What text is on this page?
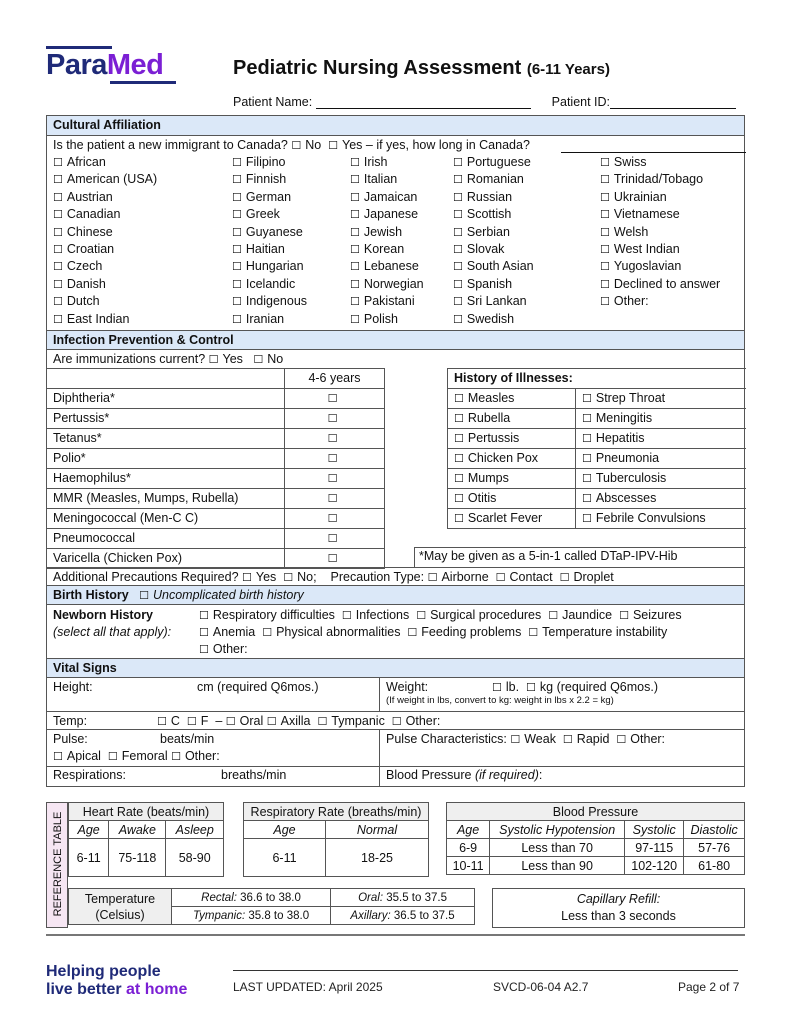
ParaMed	Pediatric Nursing Assessment (6-11 Years)
Patient Name:	Patient ID:
Cultural Affiliation
Is the patient a new immigrant to Canada? ☐ No ☐ Yes – if yes, how long in Canada?
☐ African	☐ Filipino	☐ Irish	☐ Portuguese	☐ Swiss
☐ American (USA)	☐ Finnish	☐ Italian	☐ Romanian	☐ Trinidad/Tobago
☐ Austrian	☐ German	☐ Jamaican	☐ Russian	☐ Ukrainian
☐ Canadian	☐ Greek	☐ Japanese	☐ Scottish	☐ Vietnamese
☐ Chinese	☐ Guyanese	☐ Jewish	☐ Serbian	☐ Welsh
☐ Croatian	☐ Haitian	☐ Korean	☐ Slovak	☐ West Indian
☐ Czech	☐ Hungarian	☐ Lebanese	☐ South Asian	☐ Yugoslavian
☐ Danish	☐ Icelandic	☐ Norwegian	☐ Spanish	☐ Declined to answer
☐ Dutch	☐ Indigenous	☐ Pakistani	☐ Sri Lankan	☐ Other:
☐ East Indian	☐ Iranian	☐ Polish	☐ Swedish
Infection Prevention & Control
Are immunizations current? ☐ Yes ☐ No
	4-6 years
Diphtheria*	☐
Pertussis*	☐
Tetanus*	☐
Polio*	☐
Haemophilus*	☐
MMR (Measles, Mumps, Rubella)	☐
Meningococcal (Men-C C)	☐
Pneumococcal	☐
Varicella (Chicken Pox)	☐
History of Illnesses:	
☐ Measles	☐ Strep Throat
☐ Rubella	☐ Meningitis
☐ Pertussis	☐ Hepatitis
☐ Chicken Pox	☐ Pneumonia
☐ Mumps	☐ Tuberculosis
☐ Otitis	☐ Abscesses
☐ Scarlet Fever	☐ Febrile Convulsions
*May be given as a 5-in-1 called DTaP-IPV-Hib
Additional Precautions Required? ☐ Yes ☐ No; Precaution Type: ☐ Airborne ☐ Contact ☐ Droplet
Birth History ☐ Uncomplicated birth history
Newborn History
(select all that apply):
☐ Respiratory difficulties ☐ Infections ☐ Surgical procedures ☐ Jaundice ☐ Seizures
☐ Anemia ☐ Physical abnormalities ☐ Feeding problems ☐ Temperature instability
☐ Other:
Vital Signs
Height:	cm (required Q6mos.)	Weight:	☐ lb. ☐ kg (required Q6mos.)
(If weight in lbs, convert to kg: weight in lbs x 2.2 = kg)
Temp:	☐ C ☐ F – ☐ Oral ☐ Axilla ☐ Tympanic ☐ Other:
Pulse:	beats/min
☐ Apical ☐ Femoral ☐ Other:
Pulse Characteristics: ☐ Weak ☐ Rapid ☐ Other:
Respirations:	breaths/min	Blood Pressure (if required):
REFERENCE TABLE
Heart Rate (beats/min)		
Age	Awake	Asleep
6-11	75-118	58-90
Respiratory Rate (breaths/min)	
Age	Normal
6-11	18-25
Blood Pressure			
Age	Systolic Hypotension	Systolic	Diastolic
6-9	Less than 70	97-115	57-76
10-11	Less than 90	102-120	61-80
Temperature
(Celsius)	Rectal: 36.6 to 38.0	Oral: 35.5 to 37.5
	Tympanic: 35.8 to 38.0	Axillary: 36.5 to 37.5
Capillary Refill:
Less than 3 seconds
Helping people
live better at home	LAST UPDATED: April 2025	SVCD-06-04 A2.7	Page 2 of 7
